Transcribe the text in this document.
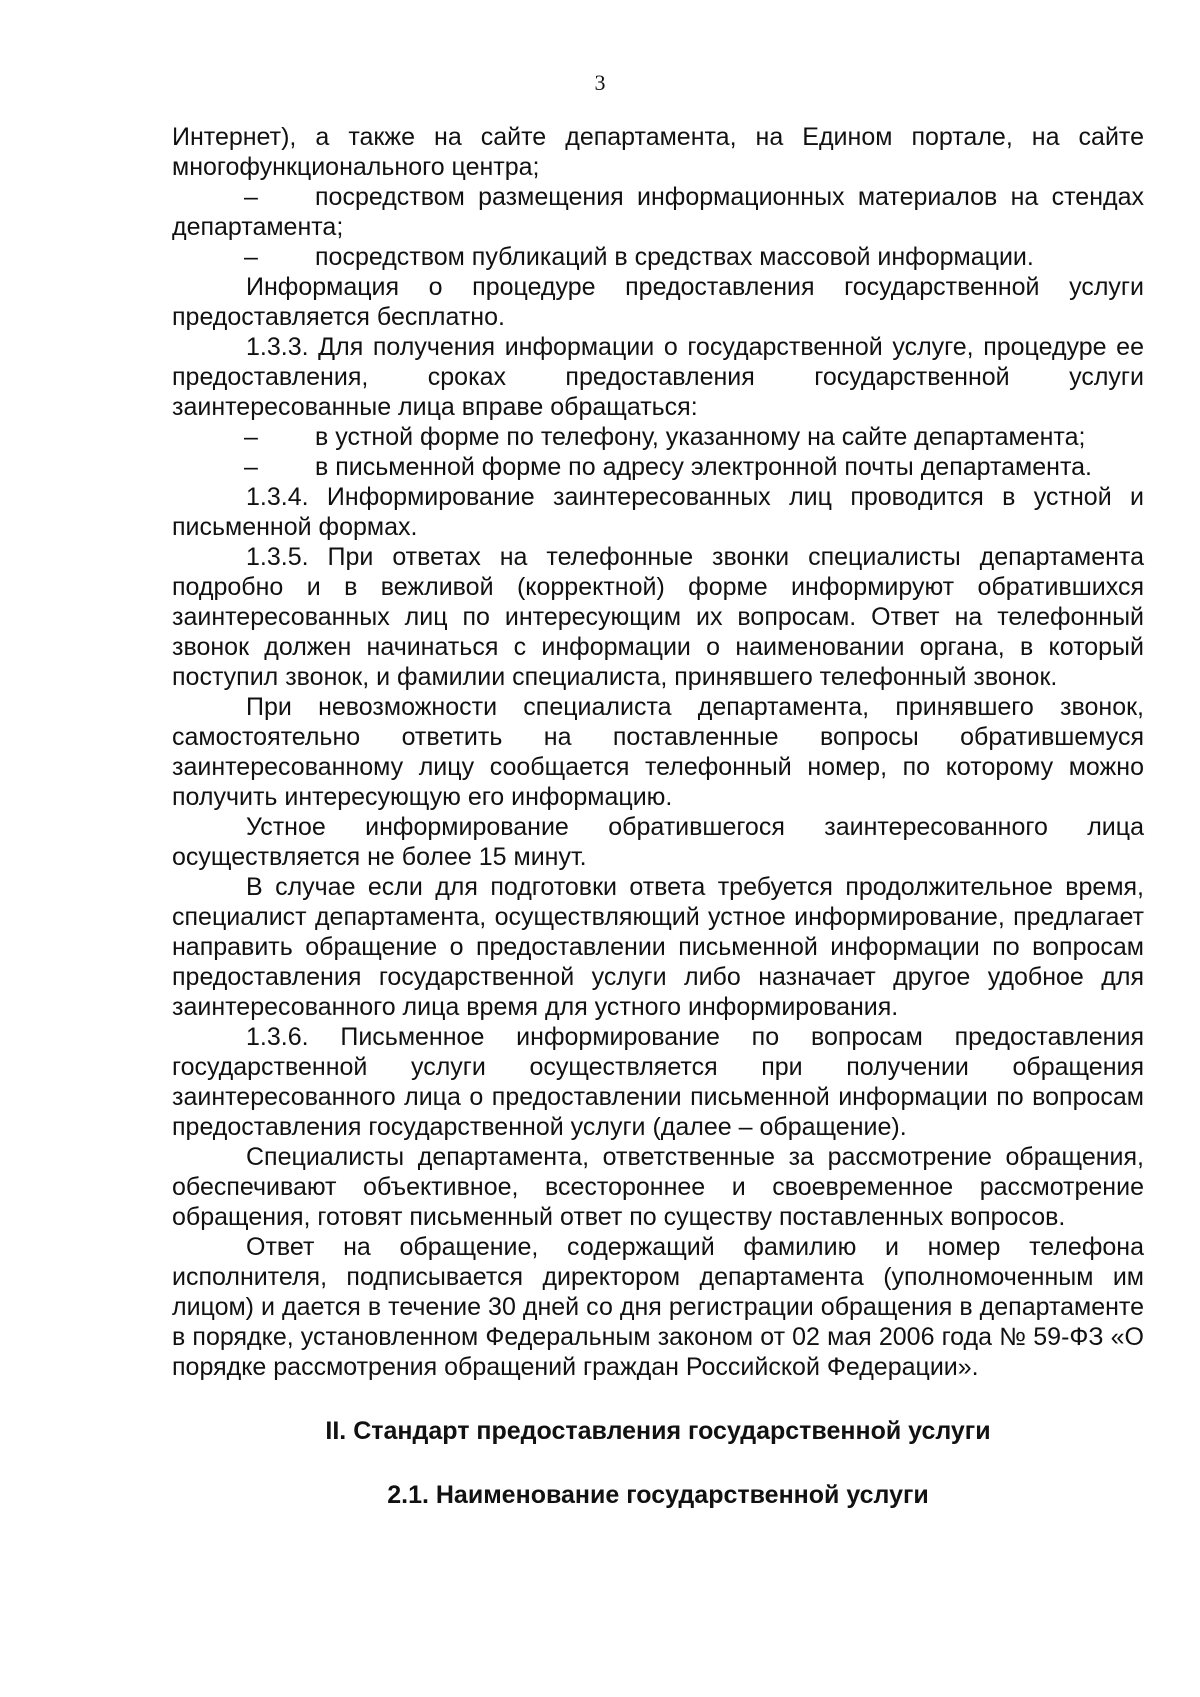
3

Интернет), а также на сайте департамента, на Едином портале, на сайте многофункционального центра;

– посредством размещения информационных материалов на стендах департамента;

– посредством публикаций в средствах массовой информации.

Информация о процедуре предоставления государственной услуги предоставляется бесплатно.

1.3.3. Для получения информации о государственной услуге, процедуре ее предоставления, сроках предоставления государственной услуги заинтересованные лица вправе обращаться:

– в устной форме по телефону, указанному на сайте департамента;

– в письменной форме по адресу электронной почты департамента.

1.3.4. Информирование заинтересованных лиц проводится в устной и письменной формах.

1.3.5. При ответах на телефонные звонки специалисты департамента подробно и в вежливой (корректной) форме информируют обратившихся заинтересованных лиц по интересующим их вопросам. Ответ на телефонный звонок должен начинаться с информации о наименовании органа, в который поступил звонок, и фамилии специалиста, принявшего телефонный звонок.

При невозможности специалиста департамента, принявшего звонок, самостоятельно ответить на поставленные вопросы обратившемуся заинтересованному лицу сообщается телефонный номер, по которому можно получить интересующую его информацию.

Устное информирование обратившегося заинтересованного лица осуществляется не более 15 минут.

В случае если для подготовки ответа требуется продолжительное время, специалист департамента, осуществляющий устное информирование, предлагает направить обращение о предоставлении письменной информации по вопросам предоставления государственной услуги либо назначает другое удобное для заинтересованного лица время для устного информирования.

1.3.6. Письменное информирование по вопросам предоставления государственной услуги осуществляется при получении обращения заинтересованного лица о предоставлении письменной информации по вопросам предоставления государственной услуги (далее – обращение).

Специалисты департамента, ответственные за рассмотрение обращения, обеспечивают объективное, всестороннее и своевременное рассмотрение обращения, готовят письменный ответ по существу поставленных вопросов.

Ответ на обращение, содержащий фамилию и номер телефона исполнителя, подписывается директором департамента (уполномоченным им лицом) и дается в течение 30 дней со дня регистрации обращения в департаменте в порядке, установленном Федеральным законом от 02 мая 2006 года № 59-ФЗ «О порядке рассмотрения обращений граждан Российской Федерации».

II. Стандарт предоставления государственной услуги
2.1. Наименование государственной услуги
